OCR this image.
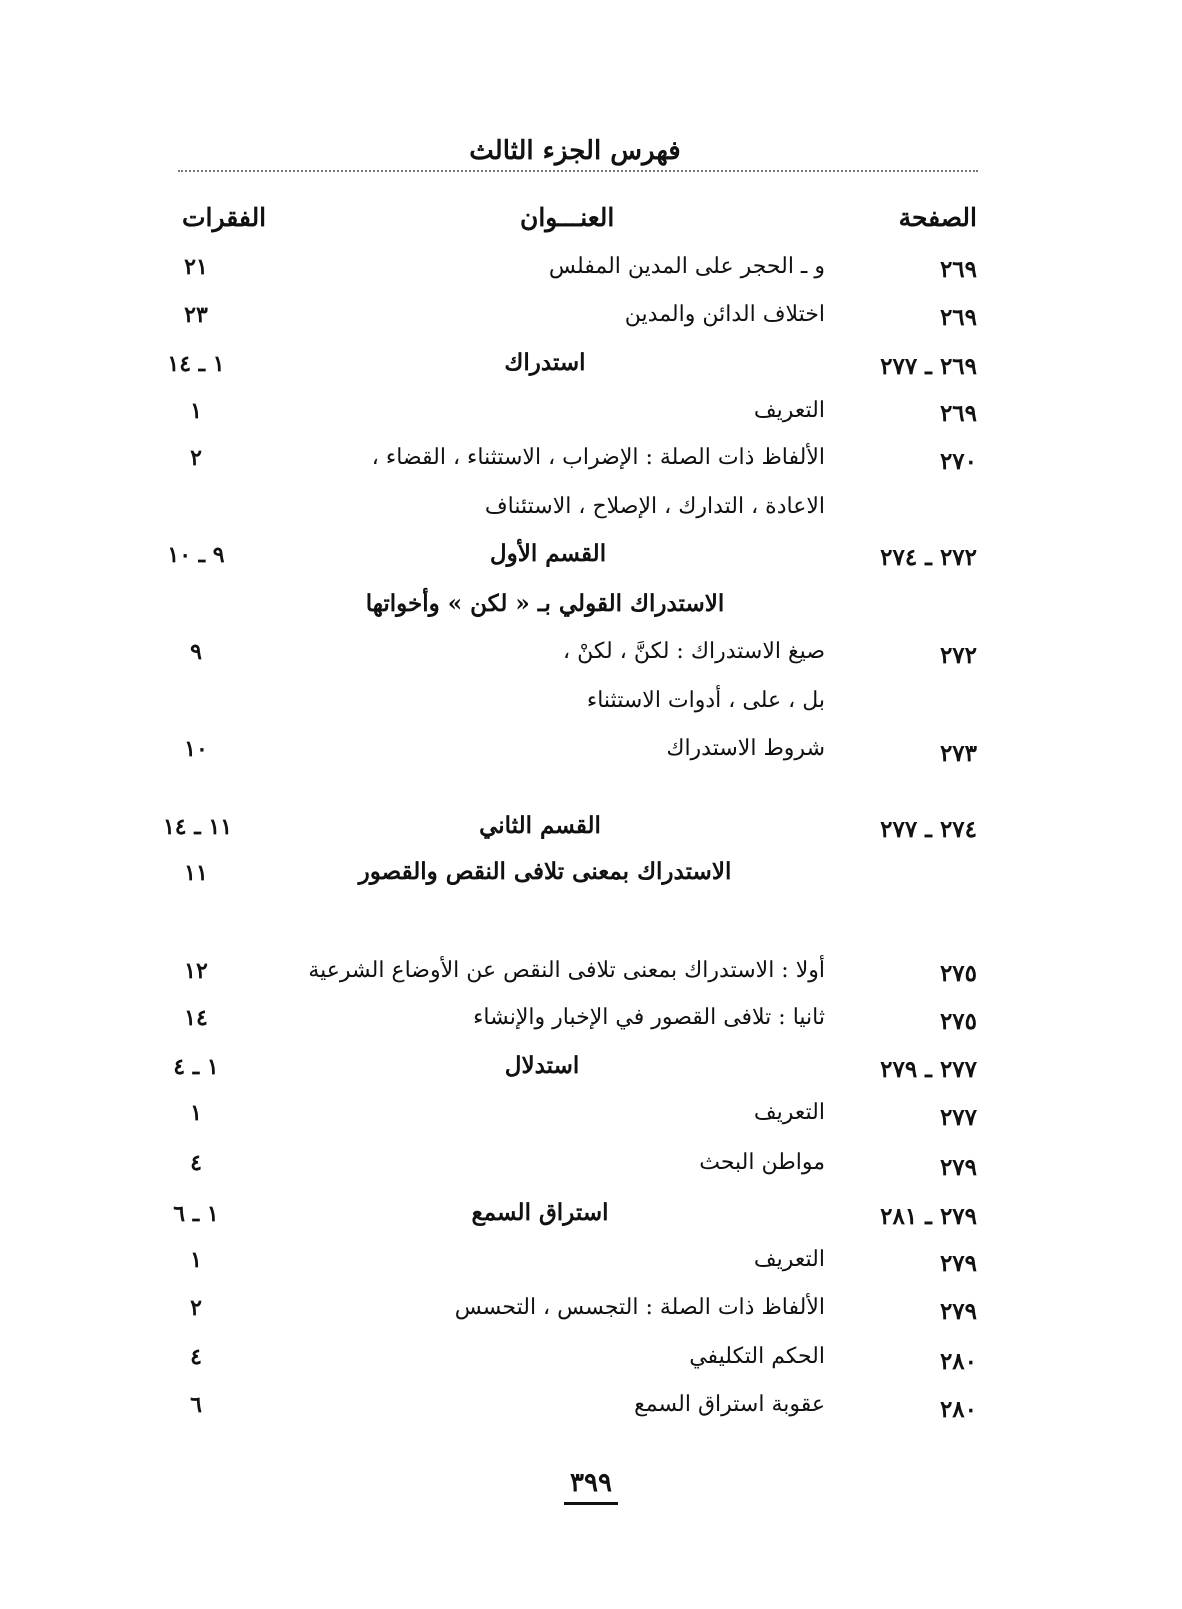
فهرس الجزء الثالث
الصفحة
العنـــوان
الفقرات
٢٦٩
و ـ الحجر على المدين المفلس
٢١
٢٦٩
اختلاف الدائن والمدين
٢٣
٢٦٩ ـ ٢٧٧
استدراك
١ ـ ١٤
٢٦٩
التعريف
١
٢٧٠
الألفاظ ذات الصلة : الإضراب ، الاستثناء ، القضاء ،
٢
الاعادة ، التدارك ، الإصلاح ، الاستئناف
٢٧٢ ـ ٢٧٤
القسم الأول
٩ ـ ١٠
الاستدراك القولي بـ « لكن » وأخواتها
٢٧٢
صيغ الاستدراك : لكنَّ ، لكنْ ،
٩
بل ، على ، أدوات الاستثناء
٢٧٣
شروط الاستدراك
١٠
٢٧٤ ـ ٢٧٧
القسم الثاني
١١ ـ ١٤
الاستدراك بمعنى تلافى النقص والقصور
١١
٢٧٥
أولا : الاستدراك بمعنى تلافى النقص عن الأوضاع الشرعية
١٢
٢٧٥
ثانيا : تلافى القصور في الإخبار والإنشاء
١٤
٢٧٧ ـ ٢٧٩
استدلال
١ ـ ٤
٢٧٧
التعريف
١
٢٧٩
مواطن البحث
٤
٢٧٩ ـ ٢٨١
استراق السمع
١ ـ ٦
٢٧٩
التعريف
١
٢٧٩
الألفاظ ذات الصلة : التجسس ، التحسس
٢
٢٨٠
الحكم التكليفي
٤
٢٨٠
عقوبة استراق السمع
٦
٣٩٩
